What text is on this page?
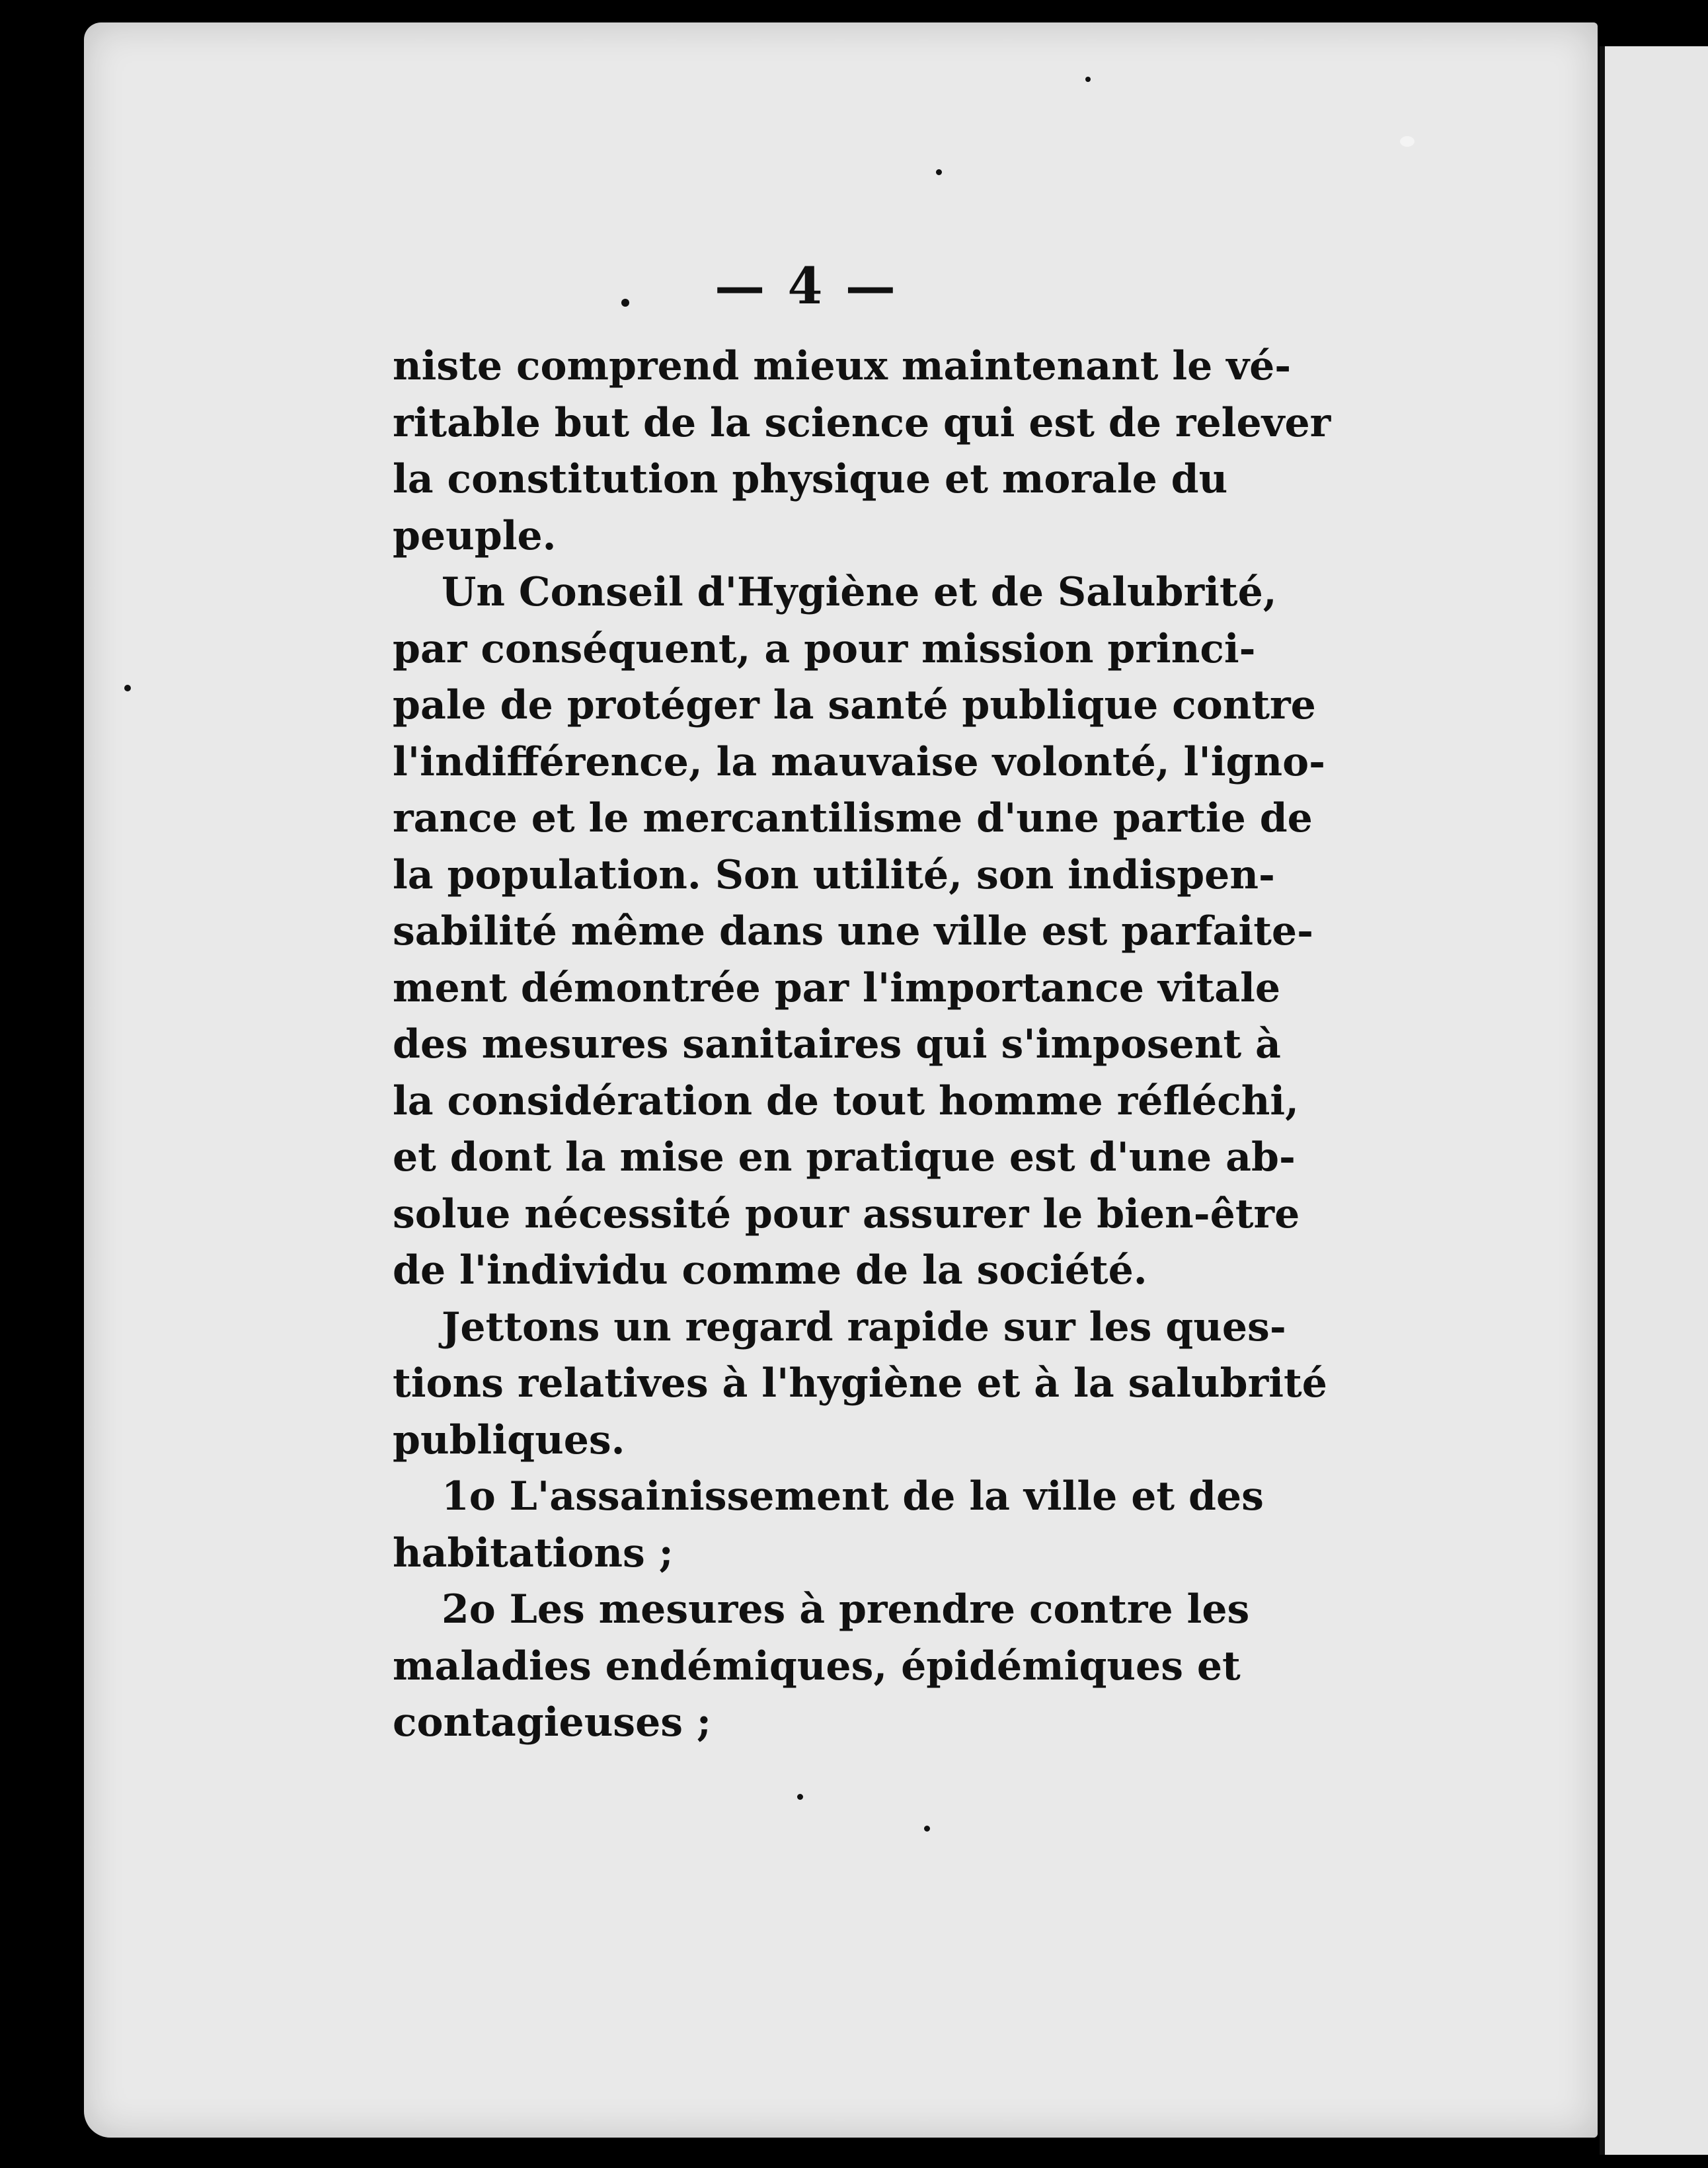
— 4 —
niste comprend mieux maintenant le vé-
ritable but de la science qui est de relever
la constitution physique et morale du
peuple.
Un Conseil d'Hygiène et de Salubrité,
par conséquent, a pour mission princi-
pale de protéger la santé publique contre
l'indifférence, la mauvaise volonté, l'igno-
rance et le mercantilisme d'une partie de
la population. Son utilité, son indispen-
sabilité même dans une ville est parfaite-
ment démontrée par l'importance vitale
des mesures sanitaires qui s'imposent à
la considération de tout homme réfléchi,
et dont la mise en pratique est d'une ab-
solue nécessité pour assurer le bien-être
de l'individu comme de la société.
Jettons un regard rapide sur les ques-
tions relatives à l'hygiène et à la salubrité
publiques.
1o L'assainissement de la ville et des
habitations ;
2o Les mesures à prendre contre les
maladies endémiques, épidémiques et
contagieuses ;
